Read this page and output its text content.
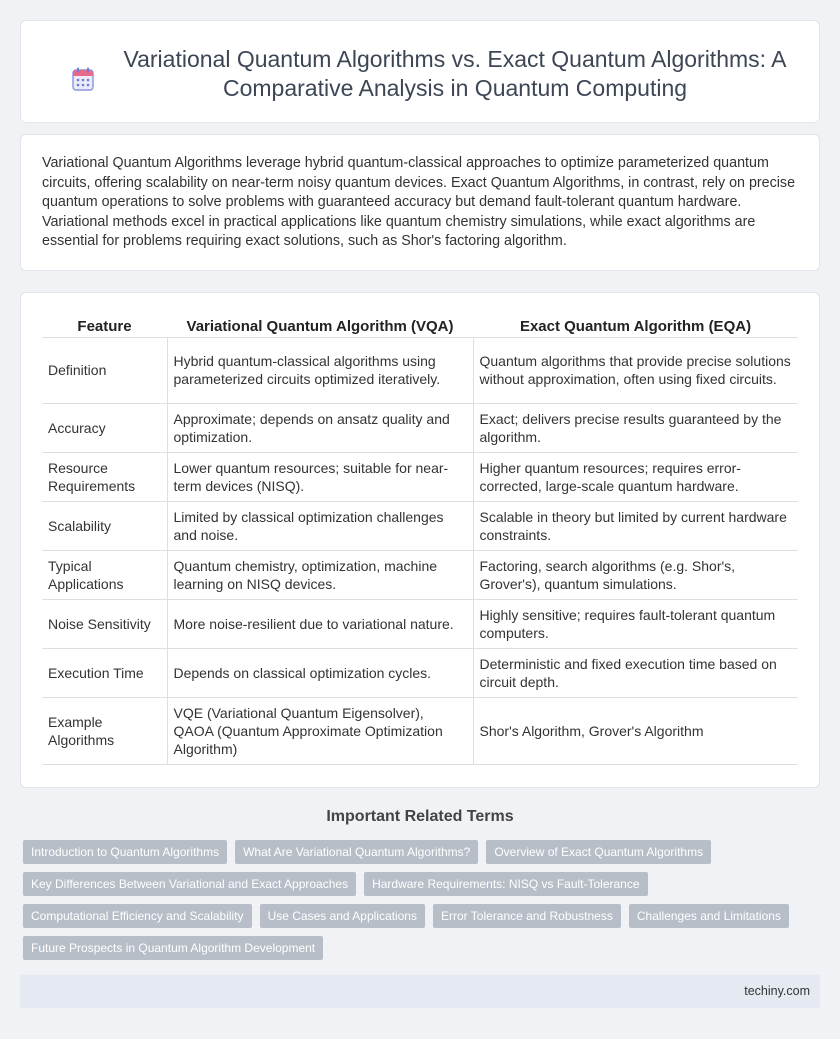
Variational Quantum Algorithms vs. Exact Quantum Algorithms: A Comparative Analysis in Quantum Computing

Variational Quantum Algorithms leverage hybrid quantum-classical approaches to optimize parameterized quantum circuits, offering scalability on near-term noisy quantum devices. Exact Quantum Algorithms, in contrast, rely on precise quantum operations to solve problems with guaranteed accuracy but demand fault-tolerant quantum hardware. Variational methods excel in practical applications like quantum chemistry simulations, while exact algorithms are essential for problems requiring exact solutions, such as Shor's factoring algorithm.

Feature	Variational Quantum Algorithm (VQA)	Exact Quantum Algorithm (EQA)
Definition	Hybrid quantum-classical algorithms using parameterized circuits optimized iteratively.	Quantum algorithms that provide precise solutions without approximation, often using fixed circuits.
Accuracy	Approximate; depends on ansatz quality and optimization.	Exact; delivers precise results guaranteed by the algorithm.
Resource Requirements	Lower quantum resources; suitable for near-term devices (NISQ).	Higher quantum resources; requires error-corrected, large-scale quantum hardware.
Scalability	Limited by classical optimization challenges and noise.	Scalable in theory but limited by current hardware constraints.
Typical Applications	Quantum chemistry, optimization, machine learning on NISQ devices.	Factoring, search algorithms (e.g. Shor's, Grover's), quantum simulations.
Noise Sensitivity	More noise-resilient due to variational nature.	Highly sensitive; requires fault-tolerant quantum computers.
Execution Time	Depends on classical optimization cycles.	Deterministic and fixed execution time based on circuit depth.
Example Algorithms	VQE (Variational Quantum Eigensolver), QAOA (Quantum Approximate Optimization Algorithm)	Shor's Algorithm, Grover's Algorithm
Important Related Terms
Introduction to Quantum Algorithms	What Are Variational Quantum Algorithms?	Overview of Exact Quantum Algorithms
Key Differences Between Variational and Exact Approaches	Hardware Requirements: NISQ vs Fault-Tolerance
Computational Efficiency and Scalability	Use Cases and Applications	Error Tolerance and Robustness	Challenges and Limitations
Future Prospects in Quantum Algorithm Development
techiny.com
